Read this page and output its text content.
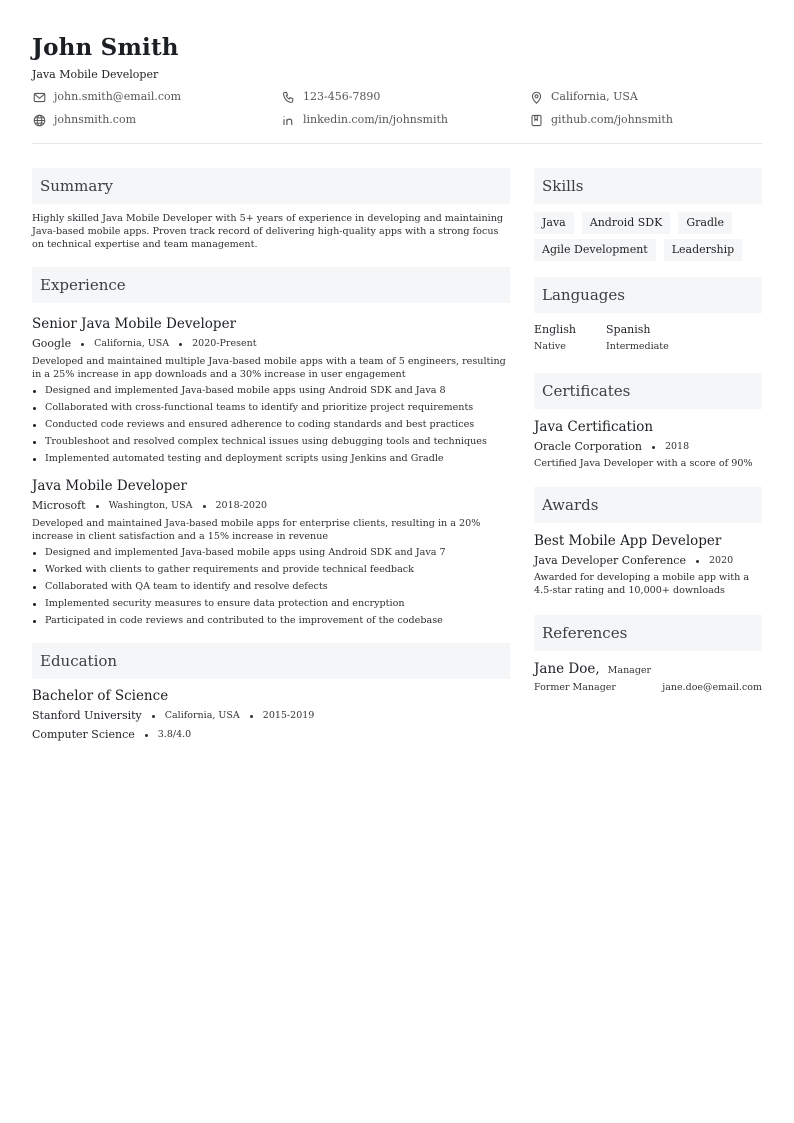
John Smith
Java Mobile Developer
john.smith@email.com	123-456-7890	California, USA
johnsmith.com	linkedin.com/in/johnsmith	github.com/johnsmith
Summary

Highly skilled Java Mobile Developer with 5+ years of experience in developing and maintaining Java-based mobile apps. Proven track record of delivering high-quality apps with a strong focus on technical expertise and team management.

Experience
Senior Java Mobile Developer
Google California, USA 2020-Present

Developed and maintained multiple Java-based mobile apps with a team of 5 engineers, resulting in a 25% increase in app downloads and a 30% increase in user engagement

Designed and implemented Java-based mobile apps using Android SDK and Java 8
Collaborated with cross-functional teams to identify and prioritize project requirements
Conducted code reviews and ensured adherence to coding standards and best practices
Troubleshoot and resolved complex technical issues using debugging tools and techniques
Implemented automated testing and deployment scripts using Jenkins and Gradle
Java Mobile Developer
Microsoft Washington, USA 2018-2020

Developed and maintained Java-based mobile apps for enterprise clients, resulting in a 20% increase in client satisfaction and a 15% increase in revenue

Designed and implemented Java-based mobile apps using Android SDK and Java 7
Worked with clients to gather requirements and provide technical feedback
Collaborated with QA team to identify and resolve defects
Implemented security measures to ensure data protection and encryption
Participated in code reviews and contributed to the improvement of the codebase
Education
Bachelor of Science
Stanford University California, USA 2015-2019
Computer Science 3.8/4.0
Skills
Java	Android SDK	Gradle
Agile Development	Leadership
Languages
English
Native
Spanish
Intermediate
Certificates
Java Certification
Oracle Corporation 2018

Certified Java Developer with a score of 90%

Awards
Best Mobile App Developer
Java Developer Conference 2020

Awarded for developing a mobile app with a 4.5-star rating and 10,000+ downloads

References
Jane Doe, Manager
Former Manager	jane.doe@email.com
